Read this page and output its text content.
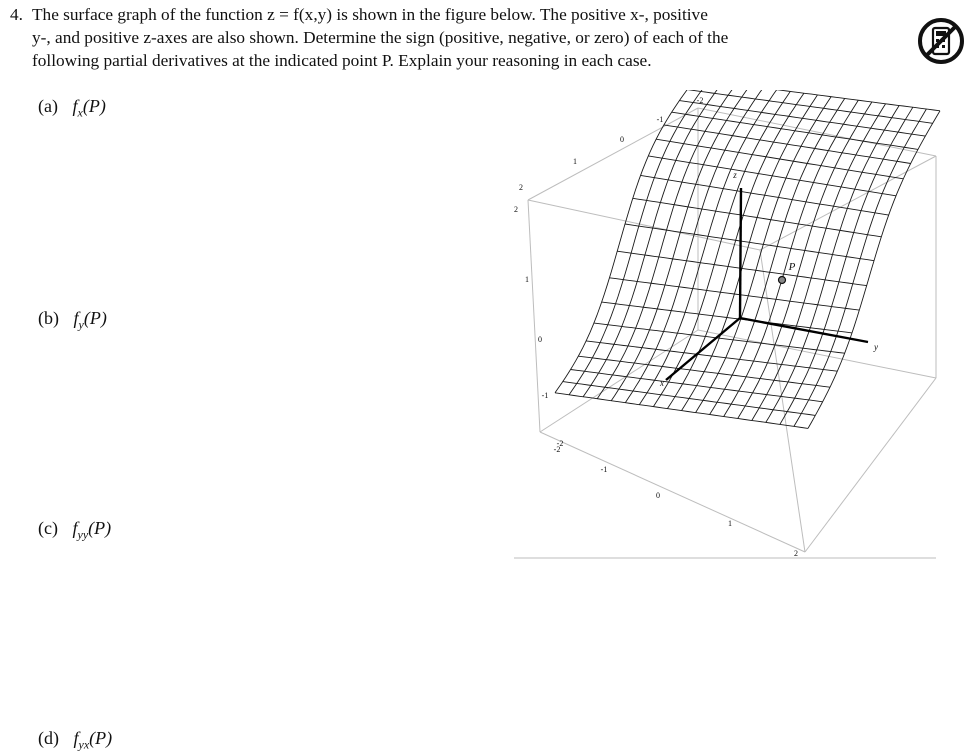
4. The surface graph of the function z = f(x,y) is shown in the figure below. The positive x-, positive
y-, and positive z-axes are also shown. Determine the sign (positive, negative, or zero) of each of the
following partial derivatives at the indicated point P. Explain your reasoning in each case.
(a) $f_x(P)$
(b) $f_y(P)$
(c) $f_{yy}(P)$
(d) $f_{yx}(P)$
x
y
z
P
-2
-1
0
1
2
2
1
0
-1
-2
-2
-1
0
1
2
